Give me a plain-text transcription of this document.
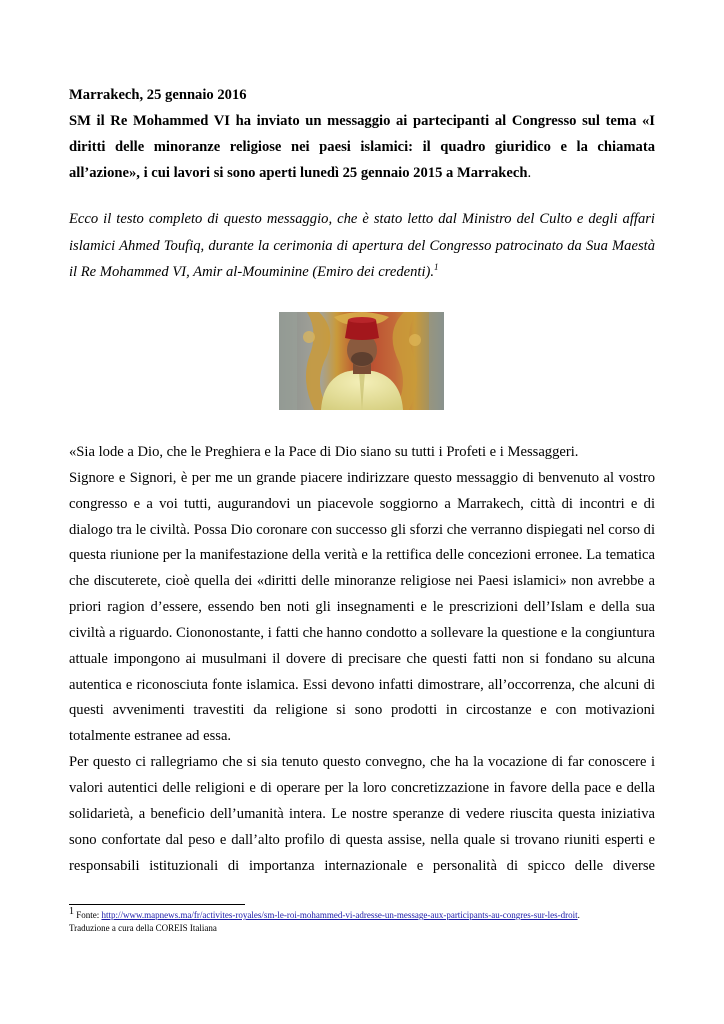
Marrakech, 25 gennaio 2016

SM il Re Mohammed VI ha inviato un messaggio ai partecipanti al Congresso sul tema «I diritti delle minoranze religiose nei paesi islamici: il quadro giuridico e la chiamata all’azione», i cui lavori si sono aperti lunedì 25 gennaio 2015 a Marrakech.

Ecco il testo completo di questo messaggio, che è stato letto dal Ministro del Culto e degli affari islamici Ahmed Toufiq, durante la cerimonia di apertura del Congresso patrocinato da Sua Maestà il Re Mohammed VI, Amir al-Mouminine (Emiro dei credenti).$^1$

«Sia lode a Dio, che le Preghiera e la Pace di Dio siano su tutti i Profeti e i Messaggeri.

Signore e Signori, è per me un grande piacere indirizzare questo messaggio di benvenuto al vostro congresso e a voi tutti, augurandovi un piacevole soggiorno a Marrakech, città di incontri e di dialogo tra le civiltà. Possa Dio coronare con successo gli sforzi che verranno dispiegati nel corso di questa riunione per la manifestazione della verità e la rettifica delle concezioni erronee. La tematica che discuterete, cioè quella dei «diritti delle minoranze religiose nei Paesi islamici» non avrebbe a priori ragion d’essere, essendo ben noti gli insegnamenti e le prescrizioni dell’Islam e della sua civiltà a riguardo. Ciononostante, i fatti che hanno condotto a sollevare la questione e la congiuntura attuale impongono ai musulmani il dovere di precisare che questi fatti non si fondano su alcuna autentica e riconosciuta fonte islamica. Essi devono infatti dimostrare, all’occorrenza, che alcuni di questi avvenimenti travestiti da religione si sono prodotti in circostanze e con motivazioni totalmente estranee ad essa.

Per questo ci rallegriamo che si sia tenuto questo convegno, che ha la vocazione di far conoscere i valori autentici delle religioni e di operare per la loro concretizzazione in favore della pace e della solidarietà, a beneficio dell’umanità intera. Le nostre speranze di vedere riuscita questa iniziativa sono confortate dal peso e dall’alto profilo di questa assise, nella quale si trovano riuniti esperti e responsabili istituzionali di importanza internazionale e personalità di spicco delle diverse

1 Fonte: http://www.mapnews.ma/fr/activites-royales/sm-le-roi-mohammed-vi-adresse-un-message-aux-participants-au-congres-sur-les-droit.
Traduzione a cura della COREIS Italiana
